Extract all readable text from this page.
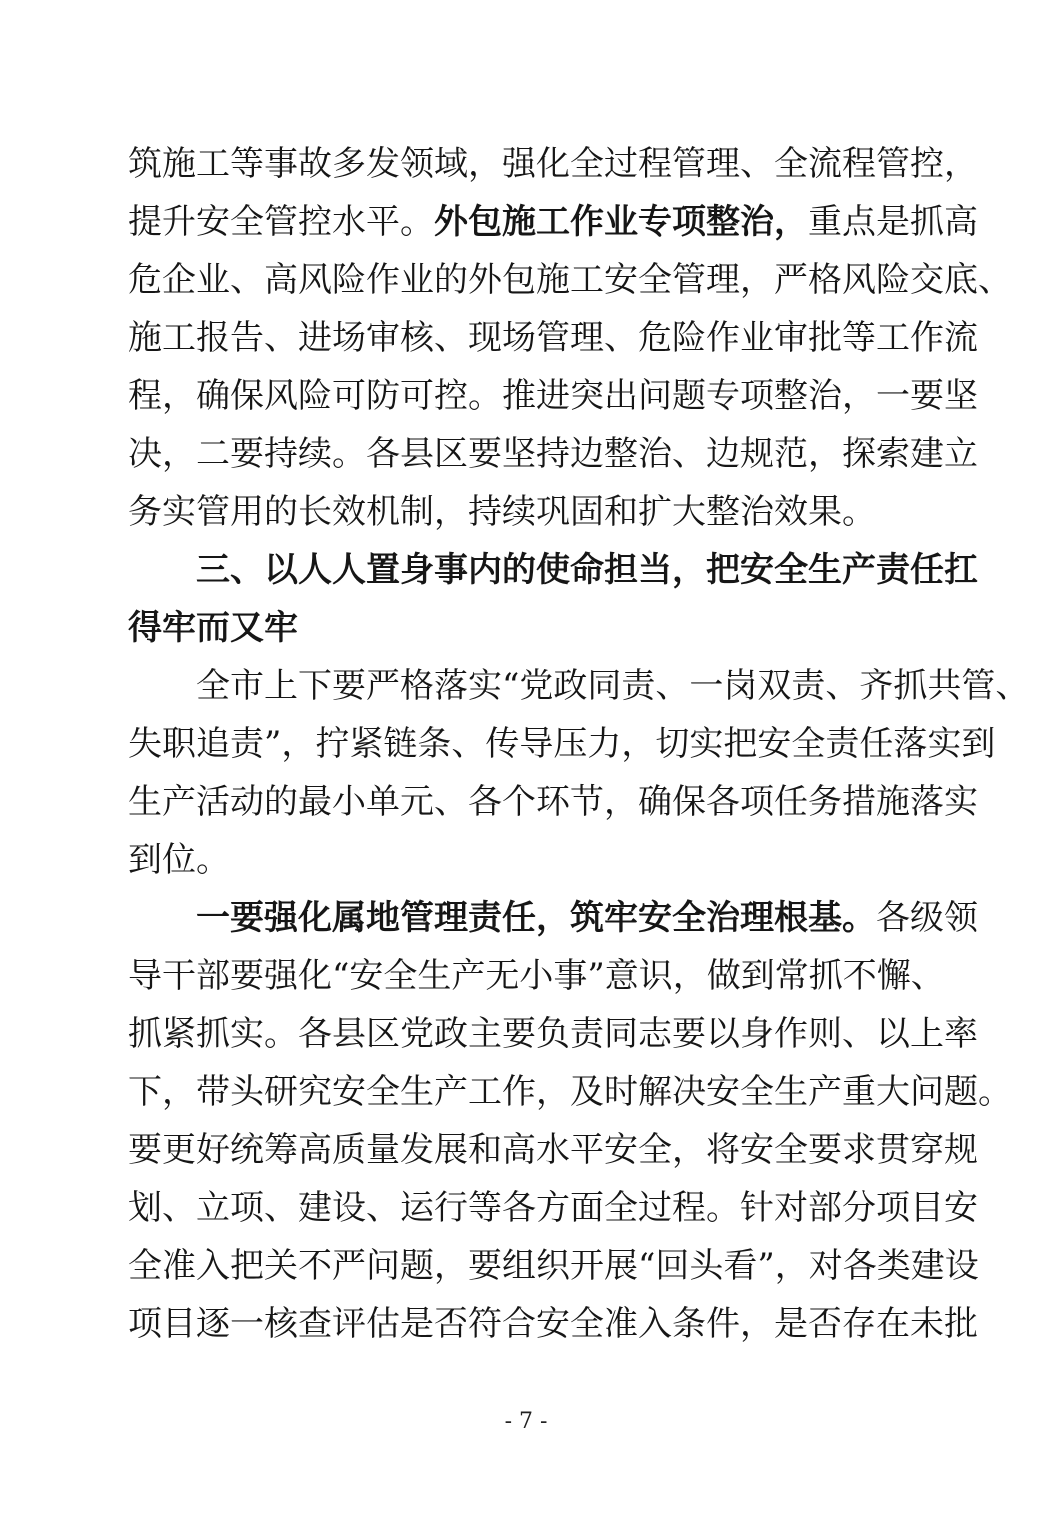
筑施工等事故多发领域，强化全过程管理、全流程管控，
提升安全管控水平。外包施工作业专项整治，重点是抓高
危企业、高风险作业的外包施工安全管理，严格风险交底、
施工报告、进场审核、现场管理、危险作业审批等工作流
程，确保风险可防可控。推进突出问题专项整治，一要坚
决，二要持续。各县区要坚持边整治、边规范，探索建立
务实管用的长效机制，持续巩固和扩大整治效果。
三、以人人置身事内的使命担当，把安全生产责任扛
得牢而又牢
全市上下要严格落实“党政同责、一岗双责、齐抓共管、
失职追责”，拧紧链条、传导压力，切实把安全责任落实到
生产活动的最小单元、各个环节，确保各项任务措施落实
到位。
一要强化属地管理责任，筑牢安全治理根基。各级领
导干部要强化“安全生产无小事”意识，做到常抓不懈、
抓紧抓实。各县区党政主要负责同志要以身作则、以上率
下，带头研究安全生产工作，及时解决安全生产重大问题。
要更好统筹高质量发展和高水平安全，将安全要求贯穿规
划、立项、建设、运行等各方面全过程。针对部分项目安
全准入把关不严问题，要组织开展“回头看”，对各类建设
项目逐一核查评估是否符合安全准入条件，是否存在未批
- 7 -
